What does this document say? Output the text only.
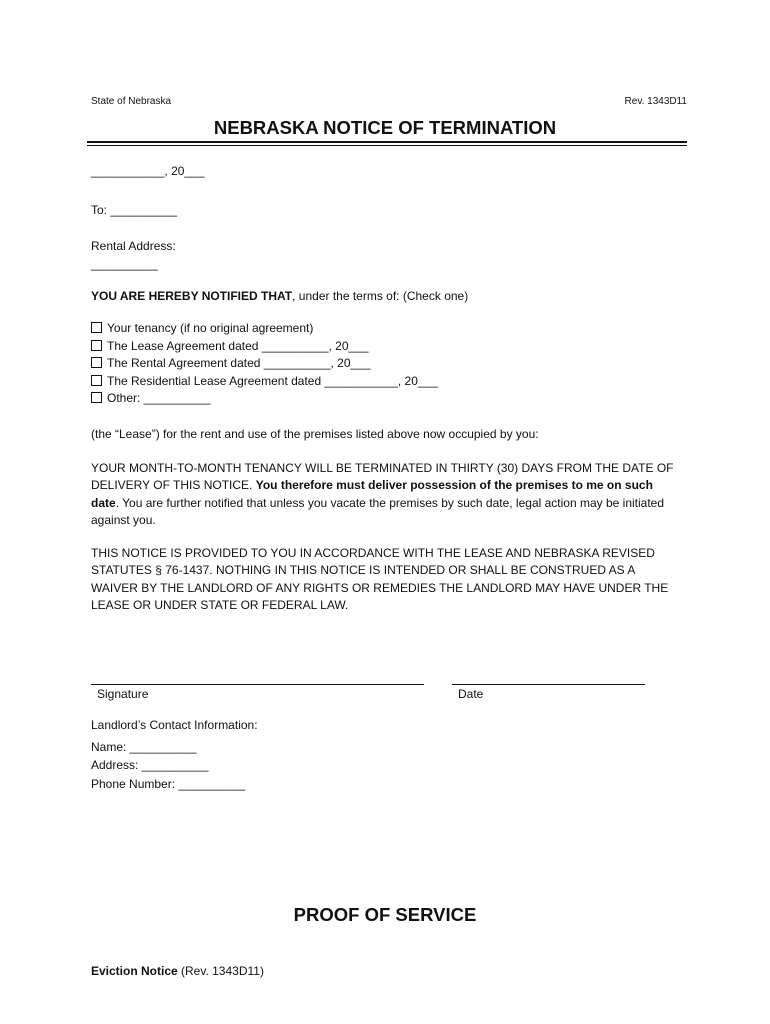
State of Nebraska	Rev. 1343D11
NEBRASKA NOTICE OF TERMINATION
___________, 20___
To: __________
Rental Address:
__________
YOU ARE HEREBY NOTIFIED THAT, under the terms of: (Check one)
Your tenancy (if no original agreement)
The Lease Agreement dated __________, 20___
The Rental Agreement dated __________, 20___
The Residential Lease Agreement dated ___________, 20___
Other: __________
(the “Lease”) for the rent and use of the premises listed above now occupied by you:
YOUR MONTH-TO-MONTH TENANCY WILL BE TERMINATED IN THIRTY (30) DAYS FROM THE DATE OF DELIVERY OF THIS NOTICE. You therefore must deliver possession of the premises to me on such date. You are further notified that unless you vacate the premises by such date, legal action may be initiated against you.
THIS NOTICE IS PROVIDED TO YOU IN ACCORDANCE WITH THE LEASE AND NEBRASKA REVISED STATUTES § 76-1437. NOTHING IN THIS NOTICE IS INTENDED OR SHALL BE CONSTRUED AS A WAIVER BY THE LANDLORD OF ANY RIGHTS OR REMEDIES THE LANDLORD MAY HAVE UNDER THE LEASE OR UNDER STATE OR FEDERAL LAW.
Signature	Date
Landlord’s Contact Information:
Name: __________
Address: __________
Phone Number: __________
PROOF OF SERVICE
Eviction Notice (Rev. 1343D11)
